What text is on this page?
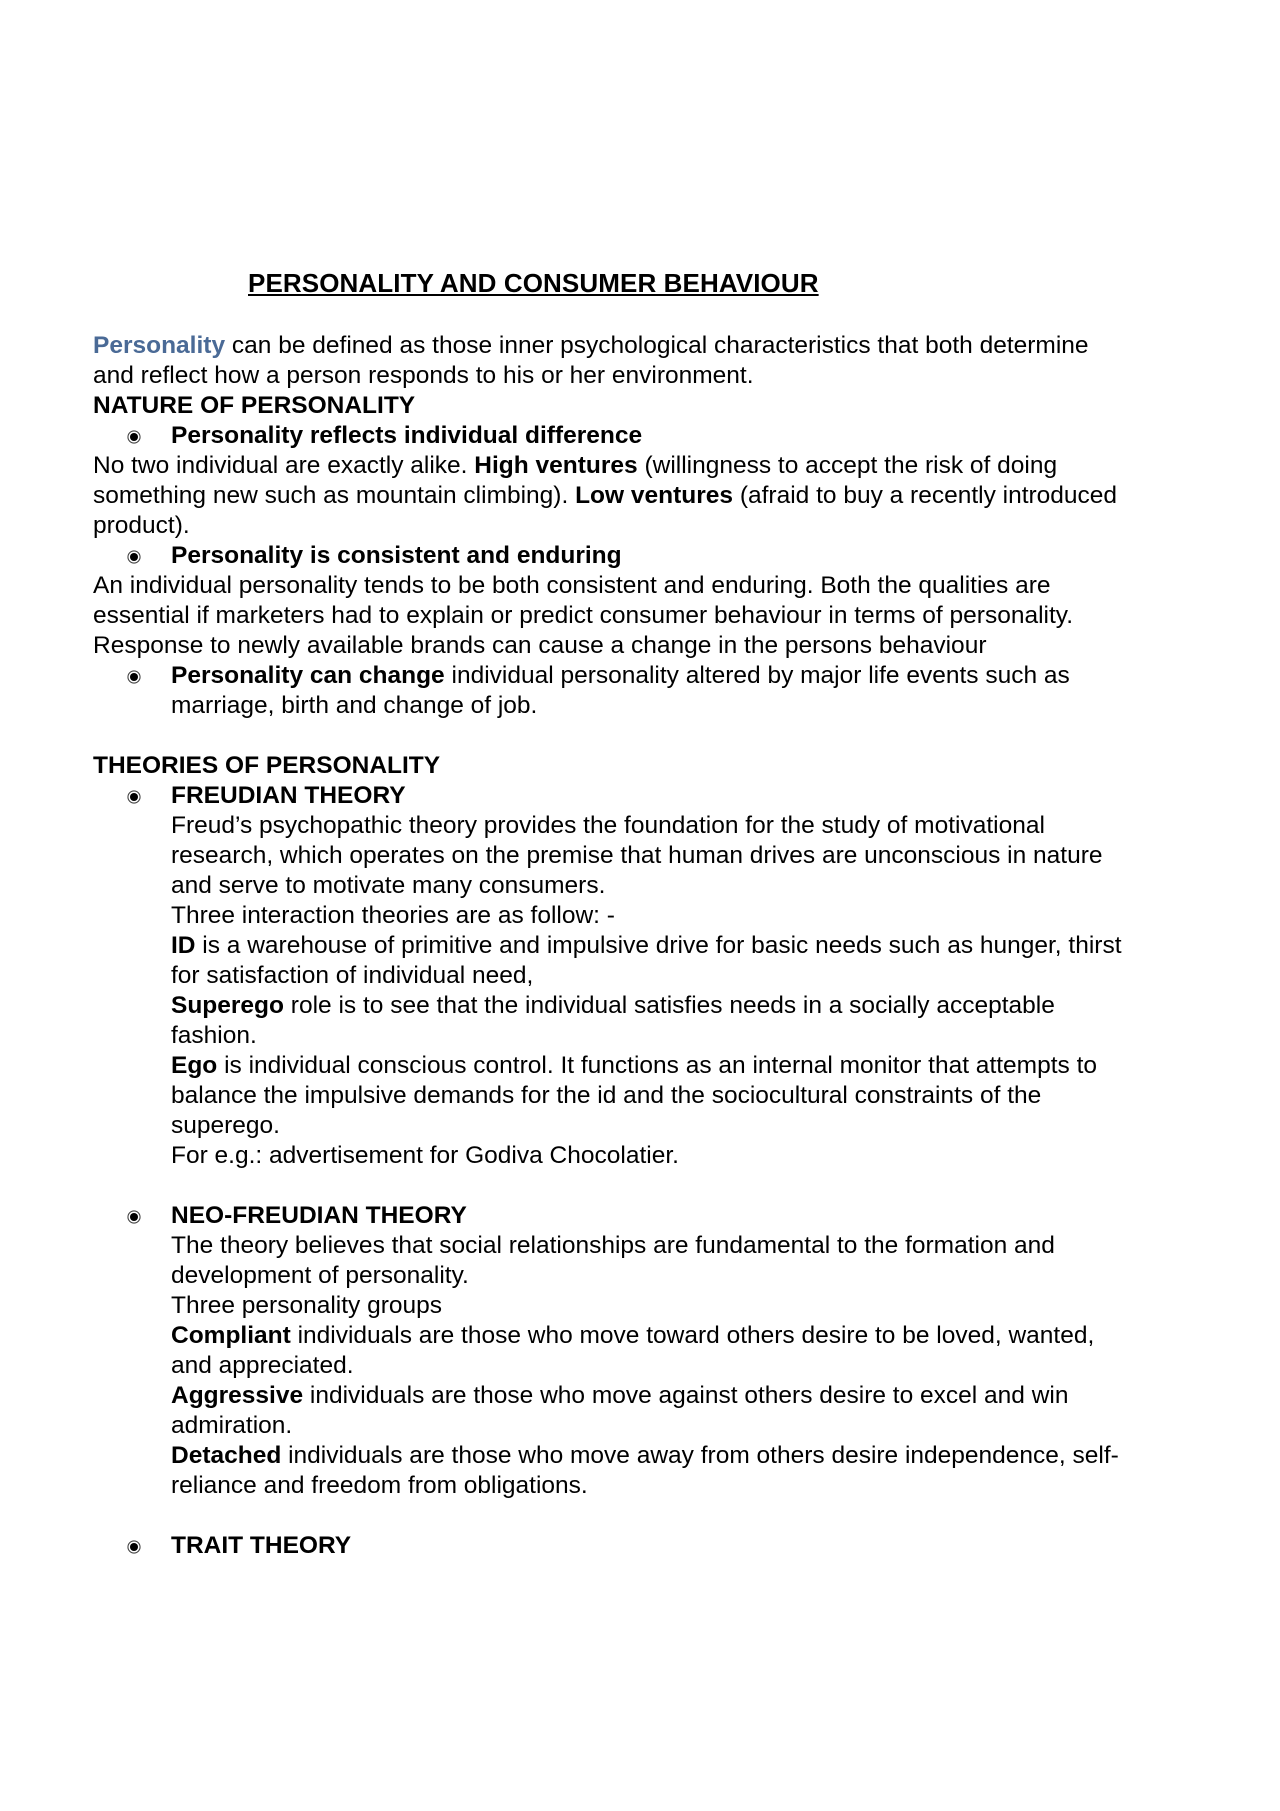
PERSONALITY AND CONSUMER BEHAVIOUR

Personality can be defined as those inner psychological characteristics that both determine and reflect how a person responds to his or her environment.

NATURE OF PERSONALITY

Personality reflects individual difference

No two individual are exactly alike. High ventures (willingness to accept the risk of doing something new such as mountain climbing). Low ventures (afraid to buy a recently introduced product).

Personality is consistent and enduring

An individual personality tends to be both consistent and enduring. Both the qualities are essential if marketers had to explain or predict consumer behaviour in terms of personality. Response to newly available brands can cause a change in the persons behaviour

Personality can change individual personality altered by major life events such as marriage, birth and change of job.

THEORIES OF PERSONALITY

FREUDIAN THEORY

Freud’s psychopathic theory provides the foundation for the study of motivational research, which operates on the premise that human drives are unconscious in nature and serve to motivate many consumers.

Three interaction theories are as follow: -

ID is a warehouse of primitive and impulsive drive for basic needs such as hunger, thirst for satisfaction of individual need,

Superego role is to see that the individual satisfies needs in a socially acceptable fashion.

Ego is individual conscious control. It functions as an internal monitor that attempts to balance the impulsive demands for the id and the sociocultural constraints of the superego.

For e.g.: advertisement for Godiva Chocolatier.

NEO-FREUDIAN THEORY

The theory believes that social relationships are fundamental to the formation and development of personality.

Three personality groups

Compliant individuals are those who move toward others desire to be loved, wanted, and appreciated.

Aggressive individuals are those who move against others desire to excel and win admiration.

Detached individuals are those who move away from others desire independence, self-reliance and freedom from obligations.

TRAIT THEORY
